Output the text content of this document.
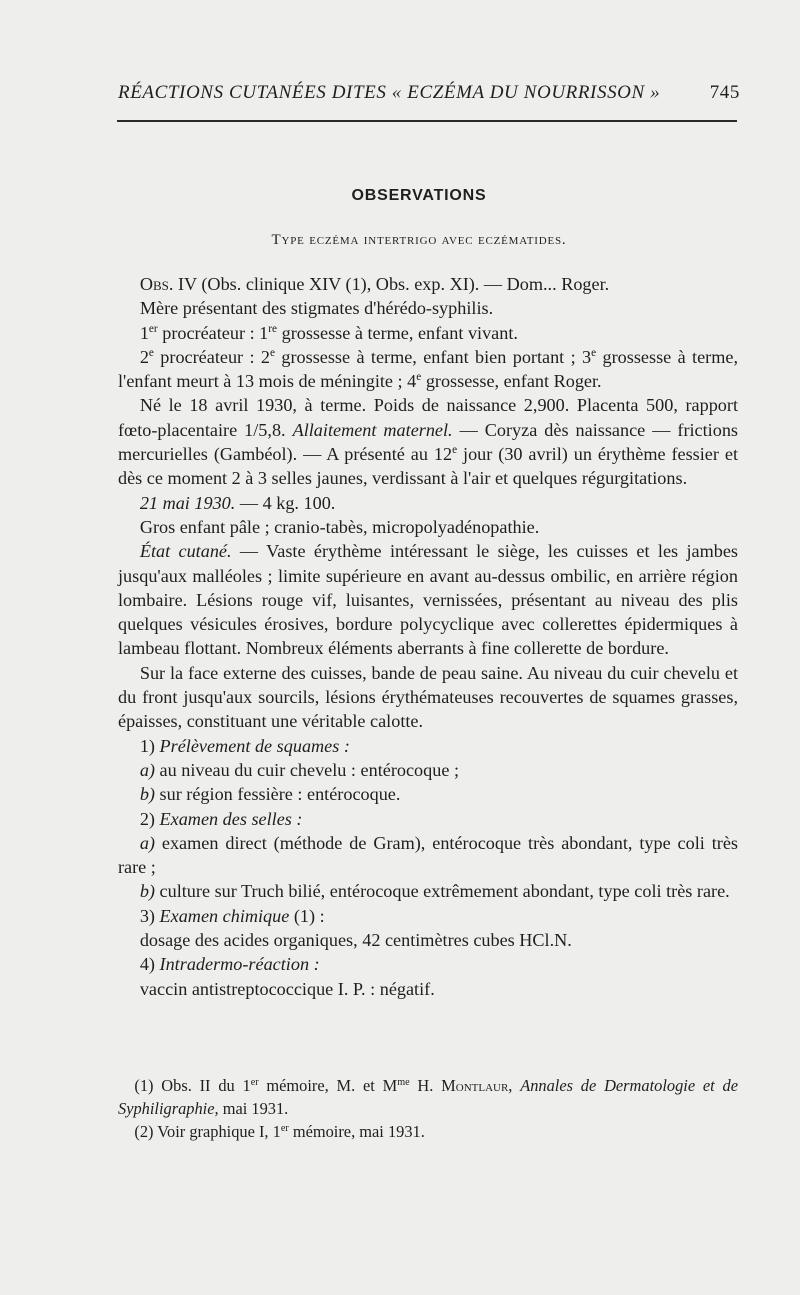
RÉACTIONS CUTANÉES DITES « ECZÉMA DU NOURRISSON »	745
OBSERVATIONS
Type eczéma intertrigo avec eczématides.

Obs. IV (Obs. clinique XIV (1), Obs. exp. XI). — Dom... Roger.

Mère présentant des stigmates d'hérédo-syphilis.

1er procréateur : 1re grossesse à terme, enfant vivant.

2e procréateur : 2e grossesse à terme, enfant bien portant ; 3e grossesse à terme, l'enfant meurt à 13 mois de méningite ; 4e grossesse, enfant Roger.

Né le 18 avril 1930, à terme. Poids de naissance 2,900. Placenta 500, rapport fœto-placentaire 1/5,8. Allaitement maternel. — Coryza dès naissance — frictions mercurielles (Gambéol). — A présenté au 12e jour (30 avril) un érythème fessier et dès ce moment 2 à 3 selles jaunes, verdissant à l'air et quelques régurgitations.

21 mai 1930. — 4 kg. 100.

Gros enfant pâle ; cranio-tabès, micropolyadénopathie.

État cutané. — Vaste érythème intéressant le siège, les cuisses et les jambes jusqu'aux malléoles ; limite supérieure en avant au-dessus ombilic, en arrière région lombaire. Lésions rouge vif, luisantes, vernissées, présentant au niveau des plis quelques vésicules érosives, bordure polycyclique avec collerettes épidermiques à lambeau flottant. Nombreux éléments aberrants à fine collerette de bordure.

Sur la face externe des cuisses, bande de peau saine. Au niveau du cuir chevelu et du front jusqu'aux sourcils, lésions érythémateuses recouvertes de squames grasses, épaisses, constituant une véritable calotte.

1) Prélèvement de squames :

a) au niveau du cuir chevelu : entérocoque ;

b) sur région fessière : entérocoque.

2) Examen des selles :

a) examen direct (méthode de Gram), entérocoque très abondant, type coli très rare ;

b) culture sur Truch bilié, entérocoque extrêmement abondant, type coli très rare.

3) Examen chimique (1) :

dosage des acides organiques, 42 centimètres cubes HCl.N.

4) Intradermo-réaction :

vaccin antistreptococcique I. P. : négatif.

(1) Obs. II du 1er mémoire, M. et $M^{me}$ H. Montlaur, Annales de Dermatologie et de Syphiligraphie, mai 1931.

(2) Voir graphique I, 1er mémoire, mai 1931.
